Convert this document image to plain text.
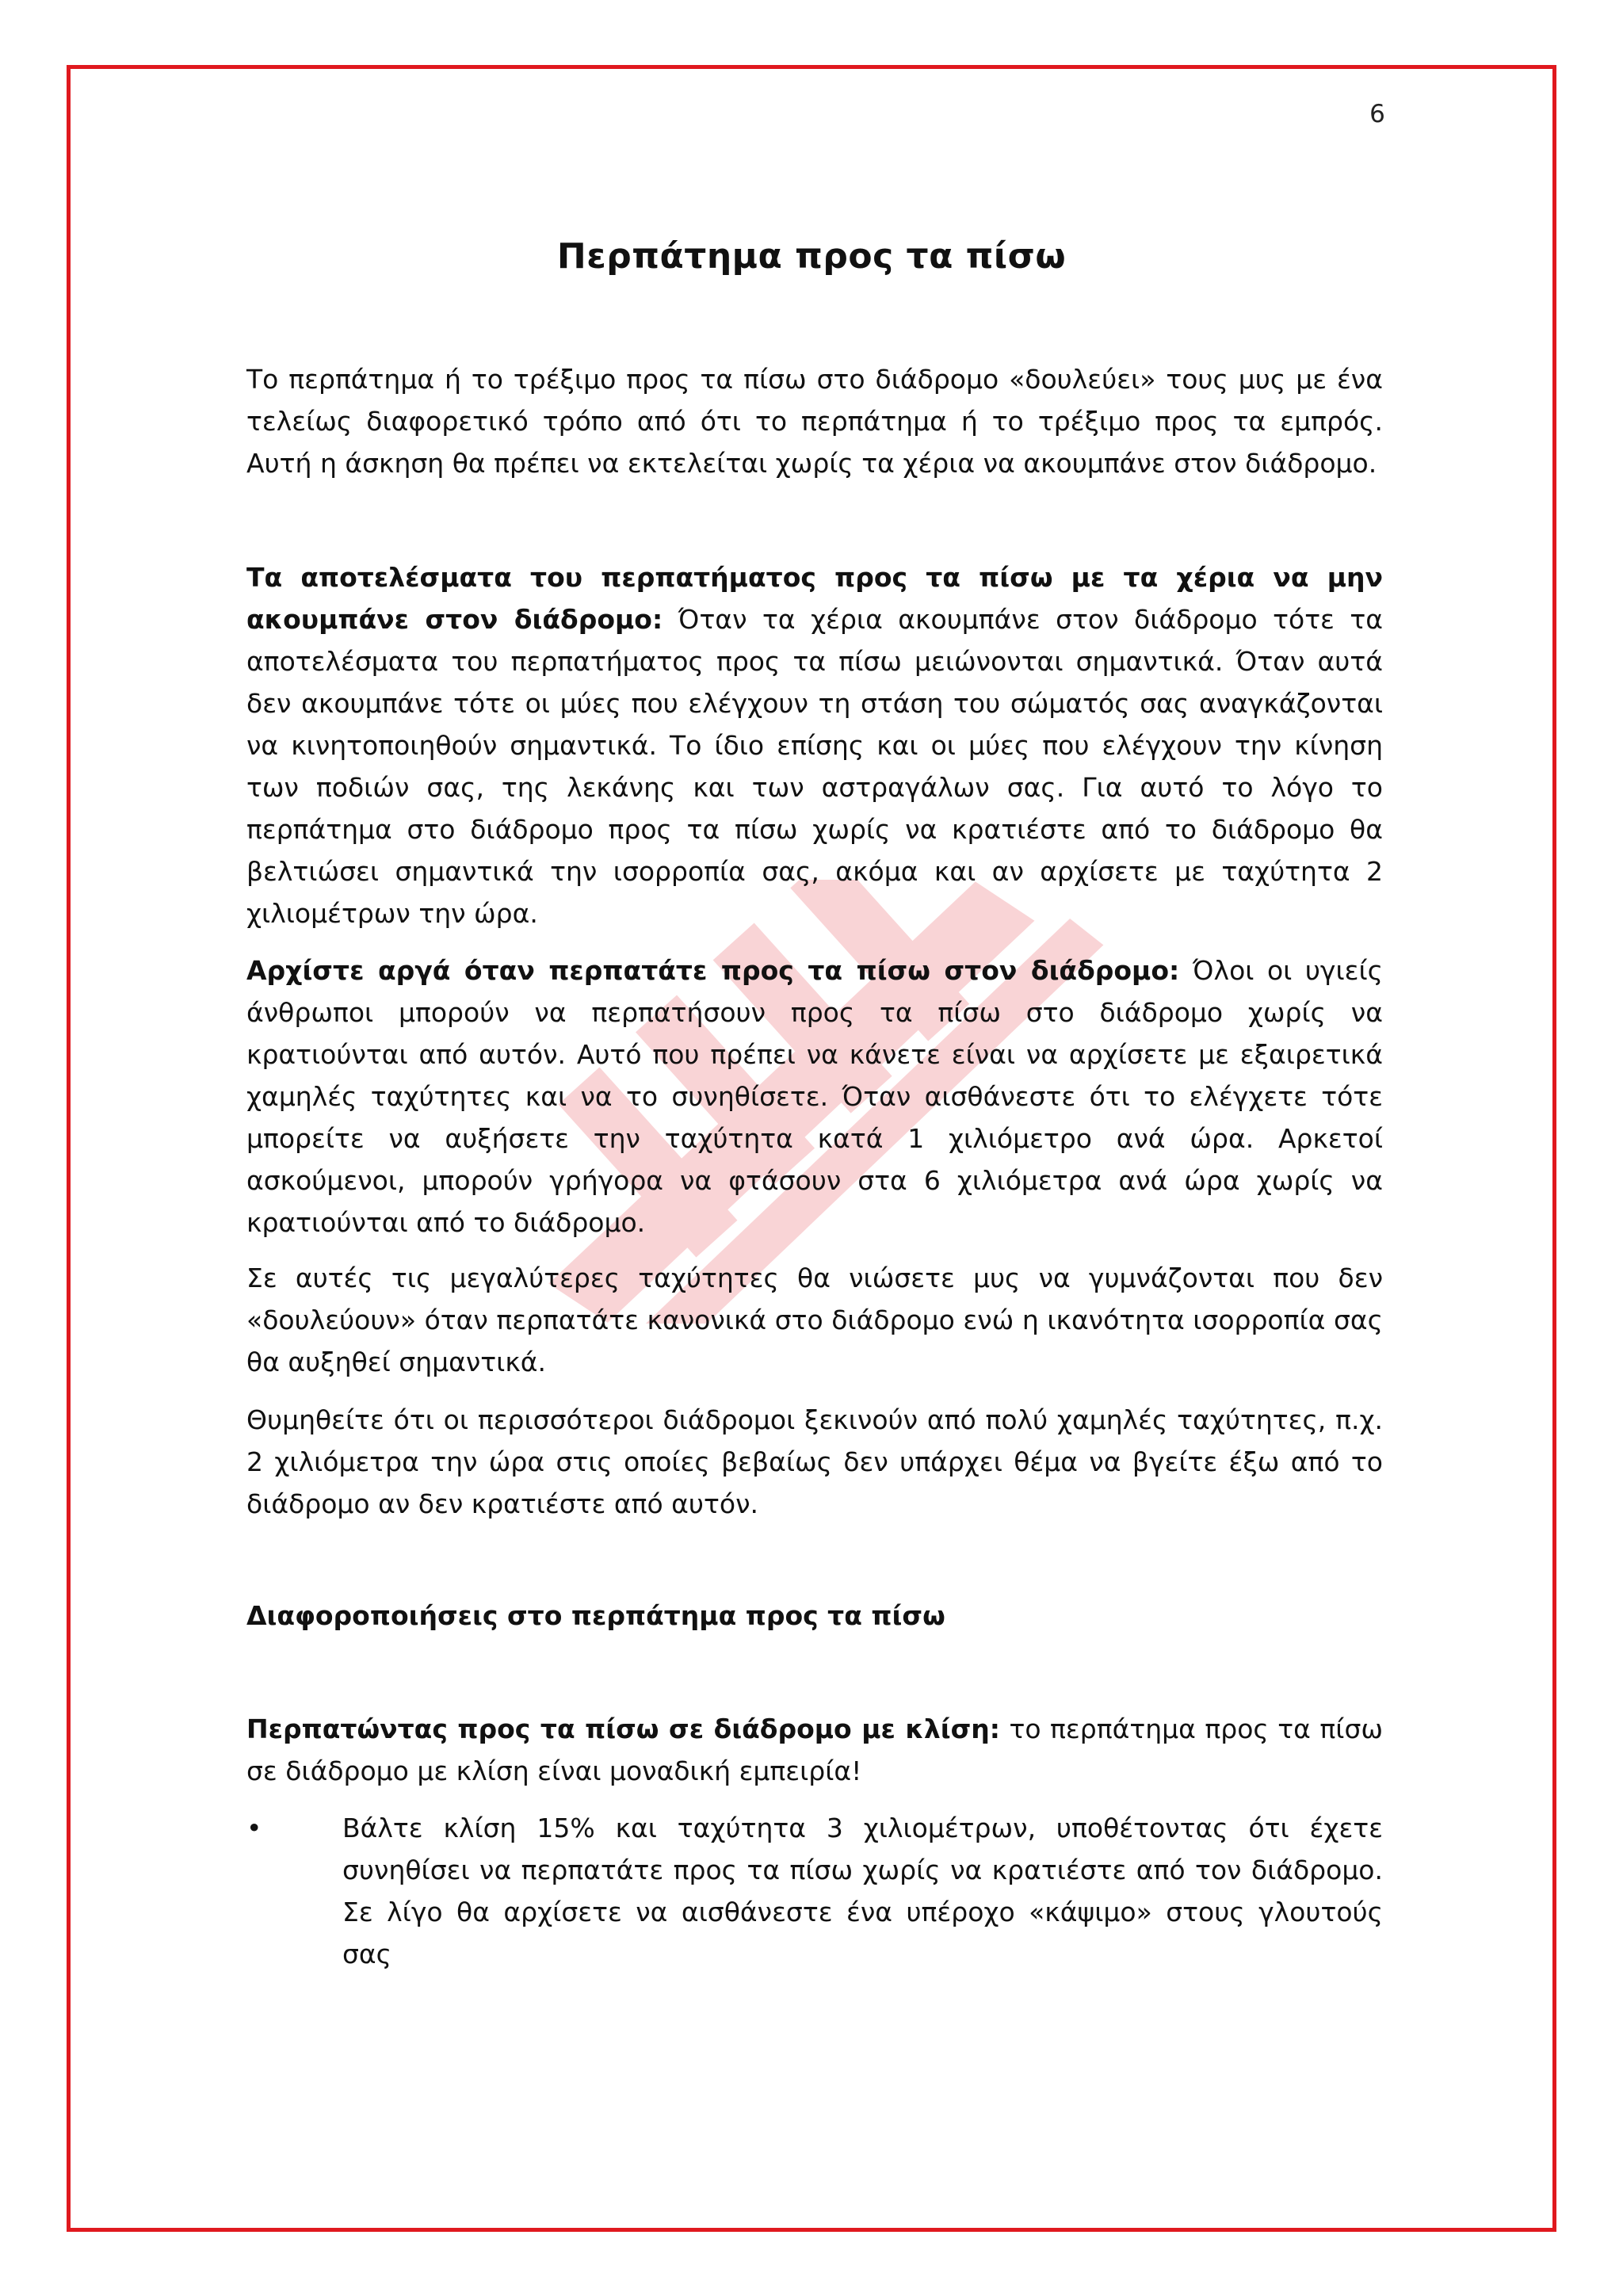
6
Περπάτημα προς τα πίσω

Το περπάτημα ή το τρέξιμο προς τα πίσω στο διάδρομο «δουλεύει» τους μυς με ένα τελείως διαφορετικό τρόπο από ότι το περπάτημα ή το τρέξιμο προς τα εμπρός. Αυτή η άσκηση θα πρέπει να εκτελείται χωρίς τα χέρια να ακουμπάνε στον διάδρομο.

Τα αποτελέσματα του περπατήματος προς τα πίσω με τα χέρια να μην ακουμπάνε στον διάδρομο: Όταν τα χέρια ακουμπάνε στον διάδρομο τότε τα αποτελέσματα του περπατήματος προς τα πίσω μειώνονται σημαντικά. Όταν αυτά δεν ακουμπάνε τότε οι μύες που ελέγχουν τη στάση του σώματός σας αναγκάζονται να κινητοποιηθούν σημαντικά. Το ίδιο επίσης και οι μύες που ελέγχουν την κίνηση των ποδιών σας, της λεκάνης και των αστραγάλων σας. Για αυτό το λόγο το περπάτημα στο διάδρομο προς τα πίσω χωρίς να κρατιέστε από το διάδρομο θα βελτιώσει σημαντικά την ισορροπία σας, ακόμα και αν αρχίσετε με ταχύτητα 2 χιλιομέτρων την ώρα.

Αρχίστε αργά όταν περπατάτε προς τα πίσω στον διάδρομο: Όλοι οι υγιείς άνθρωποι μπορούν να περπατήσουν προς τα πίσω στο διάδρομο χωρίς να κρατιούνται από αυτόν. Αυτό που πρέπει να κάνετε είναι να αρχίσετε με εξαιρετικά χαμηλές ταχύτητες και να το συνηθίσετε. Όταν αισθάνεστε ότι το ελέγχετε τότε μπορείτε να αυξήσετε την ταχύτητα κατά 1 χιλιόμετρο ανά ώρα. Αρκετοί ασκούμενοι, μπορούν γρήγορα να φτάσουν στα 6 χιλιόμετρα ανά ώρα χωρίς να κρατιούνται από το διάδρομο.

Σε αυτές τις μεγαλύτερες ταχύτητες θα νιώσετε μυς να γυμνάζονται που δεν «δουλεύουν» όταν περπατάτε κανονικά στο διάδρομο ενώ η ικανότητα ισορροπία σας θα αυξηθεί σημαντικά.

Θυμηθείτε ότι οι περισσότεροι διάδρομοι ξεκινούν από πολύ χαμηλές ταχύτητες, π.χ. 2 χιλιόμετρα την ώρα στις οποίες βεβαίως δεν υπάρχει θέμα να βγείτε έξω από το διάδρομο αν δεν κρατιέστε από αυτόν.

Διαφοροποιήσεις στο περπάτημα προς τα πίσω

Περπατώντας προς τα πίσω σε διάδρομο με κλίση: το περπάτημα προς τα πίσω σε διάδρομο με κλίση είναι μοναδική εμπειρία!

•	Βάλτε κλίση 15% και ταχύτητα 3 χιλιομέτρων, υποθέτοντας ότι έχετε συνηθίσει να περπατάτε προς τα πίσω χωρίς να κρατιέστε από τον διάδρομο. Σε λίγο θα αρχίσετε να αισθάνεστε ένα υπέροχο «κάψιμο» στους γλουτούς σας
